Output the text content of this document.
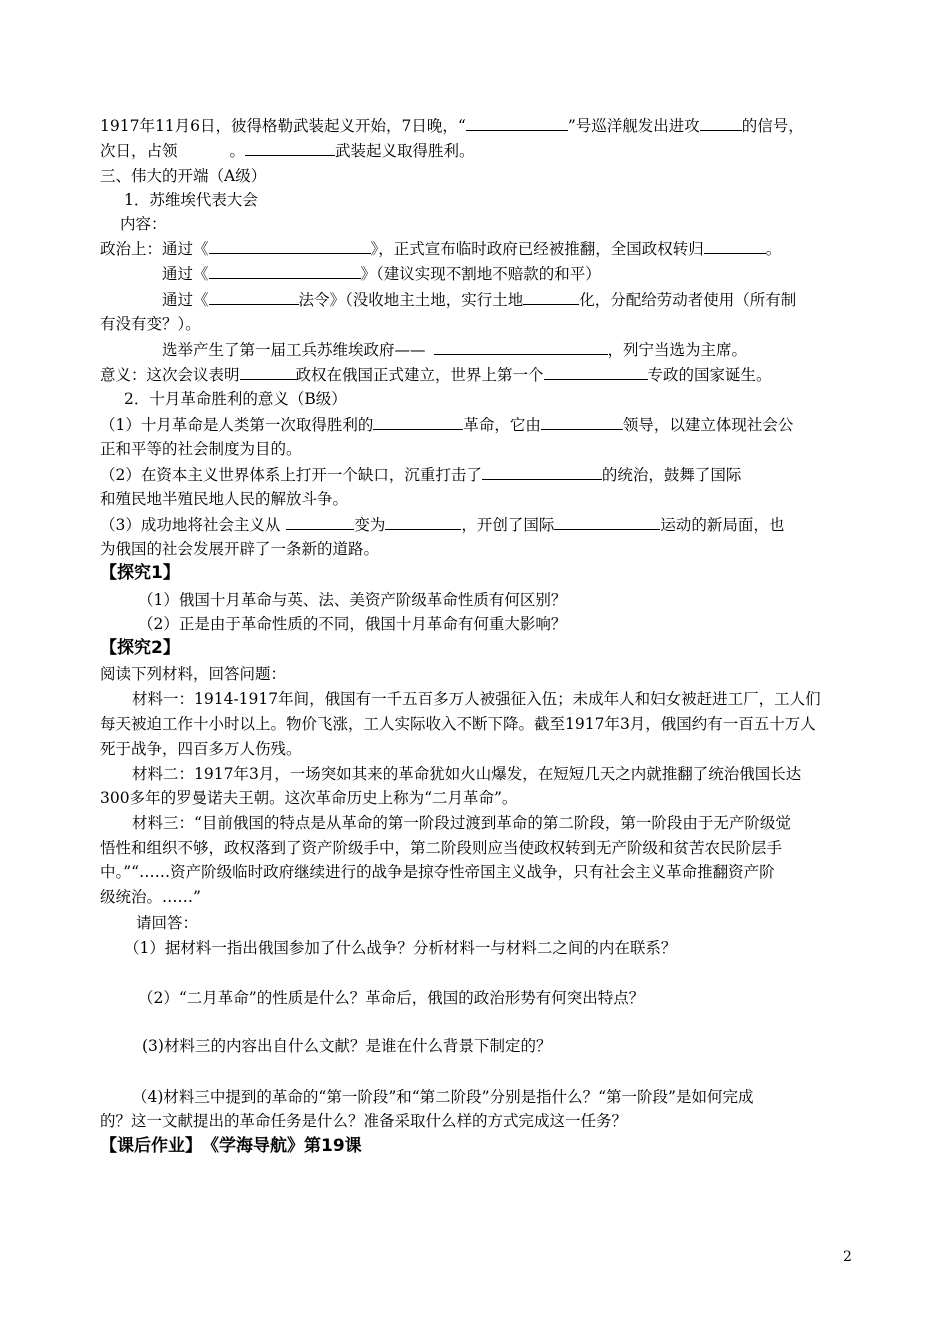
1917年11月6日，彼得格勒武装起义开始，7日晚，“	”号巡洋舰发出进攻	的信号，
次日，占领	。	武装起义取得胜利。
三、伟大的开端（A级）
1．苏维埃代表大会
内容：
政治上：通过《	》，正式宣布临时政府已经被推翻，全国政权转归	。
通过《	》（建议实现不割地不赔款的和平）
通过《	法令》（没收地主土地，实行土地	化，分配给劳动者使用（所有制
有没有变？）。
选举产生了第一届工兵苏维埃政府——	，列宁当选为主席。
意义：这次会议表明	政权在俄国正式建立，世界上第一个	专政的国家诞生。
2．十月革命胜利的意义（B级）
（1）十月革命是人类第一次取得胜利的	革命，它由	领导，以建立体现社会公
正和平等的社会制度为目的。
（2）在资本主义世界体系上打开一个缺口，沉重打击了	的统治，鼓舞了国际
和殖民地半殖民地人民的解放斗争。
（3）成功地将社会主义从	变为	，开创了国际	运动的新局面，也
为俄国的社会发展开辟了一条新的道路。
【探究1】
（1）俄国十月革命与英、法、美资产阶级革命性质有何区别？
（2）正是由于革命性质的不同，俄国十月革命有何重大影响？
【探究2】
阅读下列材料，回答问题：
材料一：1914-1917年间，俄国有一千五百多万人被强征入伍；未成年人和妇女被赶进工厂，工人们
每天被迫工作十小时以上。物价飞涨，工人实际收入不断下降。截至1917年3月，俄国约有一百五十万人
死于战争，四百多万人伤残。
材料二：1917年3月，一场突如其来的革命犹如火山爆发，在短短几天之内就推翻了统治俄国长达
300多年的罗曼诺夫王朝。这次革命历史上称为“二月革命”。
材料三：“目前俄国的特点是从革命的第一阶段过渡到革命的第二阶段，第一阶段由于无产阶级觉
悟性和组织不够，政权落到了资产阶级手中，第二阶段则应当使政权转到无产阶级和贫苦农民阶层手
中。”“……资产阶级临时政府继续进行的战争是掠夺性帝国主义战争，只有社会主义革命推翻资产阶
级统治。……”
请回答：
（1）据材料一指出俄国参加了什么战争？分析材料一与材料二之间的内在联系？
（2）“二月革命”的性质是什么？革命后，俄国的政治形势有何突出特点？
(3)材料三的内容出自什么文献？是谁在什么背景下制定的？
（4)材料三中提到的革命的“第一阶段”和“第二阶段”分别是指什么？“第一阶段”是如何完成
的？这一文献提出的革命任务是什么？准备采取什么样的方式完成这一任务？
【课后作业】　《学海导航》第19课
2
